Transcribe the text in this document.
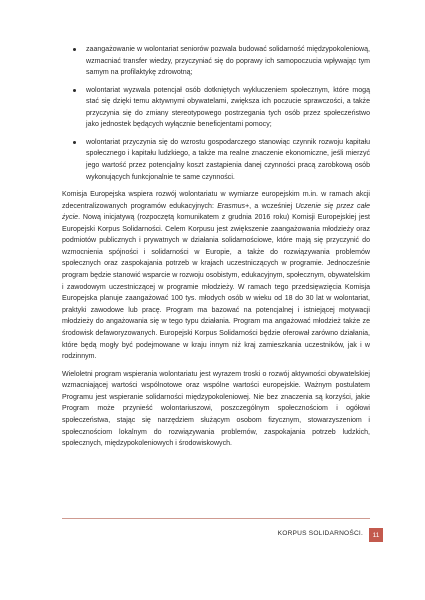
zaangażowanie w wolontariat seniorów pozwala budować solidarność międzypokoleniową, wzmacniać transfer wiedzy, przyczyniać się do poprawy ich samopoczucia wpływając tym samym na profilaktykę zdrowotną;
wolontariat wyzwala potencjał osób dotkniętych wykluczeniem społecznym, które mogą stać się dzięki temu aktywnymi obywatelami, zwiększa ich poczucie sprawczości, a także przyczynia się do zmiany stereotypowego postrzegania tych osób przez społeczeństwo jako jednostek będących wyłącznie beneficjentami pomocy;
wolontariat przyczynia się do wzrostu gospodarczego stanowiąc czynnik rozwoju kapitału społecznego i kapitału ludzkiego, a także ma realne znaczenie ekonomiczne, jeśli mierzyć jego wartość przez potencjalny koszt zastąpienia danej czynności pracą zarobkową osób wykonujących funkcjonalnie te same czynności.

Komisja Europejska wspiera rozwój wolontariatu w wymiarze europejskim m.in. w ramach akcji zdecentralizowanych programów edukacyjnych: Erasmus+, a wcześniej Uczenie się przez całe życie. Nową inicjatywą (rozpoczętą komunikatem z grudnia 2016 roku) Komisji Europejskiej jest Europejski Korpus Solidarności. Celem Korpusu jest zwiększenie zaangażowania młodzieży oraz podmiotów publicznych i prywatnych w działania solidarnościowe, które mają się przyczynić do wzmocnienia spójności i solidarności w Europie, a także do rozwiązywania problemów społecznych oraz zaspokajania potrzeb w krajach uczestniczących w programie. Jednocześnie program będzie stanowić wsparcie w rozwoju osobistym, edukacyjnym, społecznym, obywatelskim i zawodowym uczestniczącej w programie młodzieży. W ramach tego przedsięwzięcia Komisja Europejska planuje zaangażować 100 tys. młodych osób w wieku od 18 do 30 lat w wolontariat, praktyki zawodowe lub pracę. Program ma bazować na potencjalnej i istniejącej motywacji młodzieży do angażowania się w tego typu działania. Program ma angażować młodzież także ze środowisk defaworyzowanych. Europejski Korpus Solidarności będzie oferował zarówno działania, które będą mogły być podejmowane w kraju innym niż kraj zamieszkania uczestników, jak i w rodzinnym.

Wieloletni program wspierania wolontariatu jest wyrazem troski o rozwój aktywności obywatelskiej wzmacniającej wartości wspólnotowe oraz wspólne wartości europejskie. Ważnym postulatem Programu jest wspieranie solidarności międzypokoleniowej. Nie bez znaczenia są korzyści, jakie Program może przynieść wolontariuszowi, poszczególnym społecznościom i ogółowi społeczeństwa, stając się narzędziem służącym osobom fizycznym, stowarzyszeniom i społecznościom lokalnym do rozwiązywania problemów, zaspokajania potrzeb ludzkich, społecznych, międzypokoleniowych i środowiskowych.

KORPUS SOLIDARNOŚCI.	11
